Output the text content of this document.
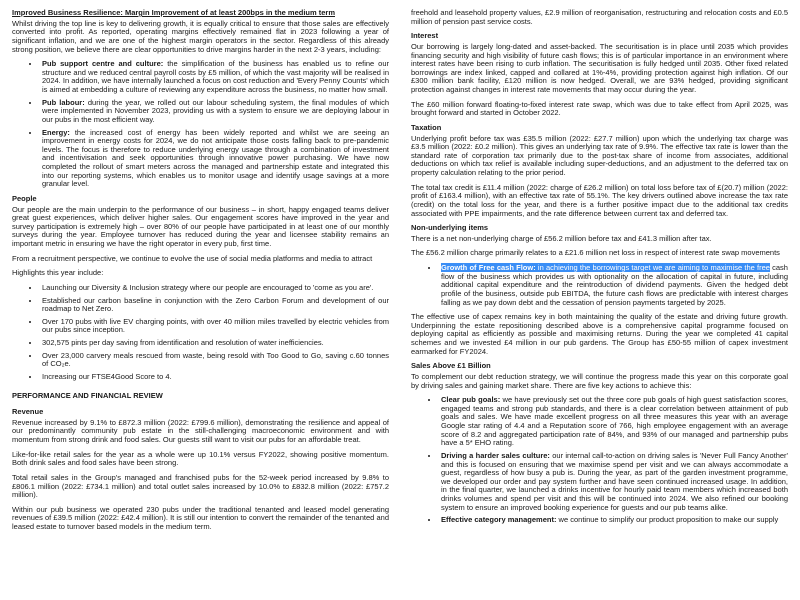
Improved Business Resilience: Margin Improvement of at least 200bps in the medium term
Whilst driving the top line is key to delivering growth, it is equally critical to ensure that those sales are effectively converted into profit. As reported, operating margins effectively remained flat in 2023 following a year of significant inflation, and we are one of the highest margin operators in the sector. Regardless of this already strong position, we believe there are clear opportunities to drive margins harder in the next 2-3 years, including:
• Pub support centre and culture: the simplification of the business has enabled us to refine our structure and we reduced central payroll costs by £5 million, of which the vast majority will be realised in 2024. In addition, we have internally launched a focus on cost reduction and 'Every Penny Counts' which is aimed at embedding a culture of reviewing any expenditure across the business, no matter how small.
• Pub labour: during the year, we rolled out our labour scheduling system, the final modules of which were implemented in November 2023, providing us with a system to ensure we are deploying labour in our pubs in the most efficient way.
• Energy: the increased cost of energy has been widely reported and whilst we are seeing an improvement in energy costs for 2024, we do not anticipate those costs falling back to pre-pandemic levels. The focus is therefore to reduce underlying energy usage through a combination of investment and incentivisation and seek opportunities through innovative power purchasing. We have now completed the rollout of smart meters across the managed and partnership estate and integrated this into our reporting systems, which enables us to monitor usage and identify usage savings at a more granular level.
People
Our people are the main underpin to the performance of our business – in short, happy engaged teams deliver great guest experiences, which deliver higher sales. Our engagement scores have improved in the year and survey participation is extremely high – over 80% of our people have participated in at least one of our monthly surveys during the year. Employee turnover has reduced during the year and licensee stability remains an important metric in ensuring we have the right operator in every pub, first time.
From a recruitment perspective, we continue to evolve the use of social media platforms and media to attract
Highlights this year include:
• Launching our Diversity & Inclusion strategy where our people are encouraged to 'come as you are'.
• Established our carbon baseline in conjunction with the Zero Carbon Forum and development of our roadmap to Net Zero.
• Over 170 pubs with live EV charging points, with over 40 million miles travelled by electric vehicles from our pubs since inception.
• 302,575 pints per day saving from identification and resolution of water inefficiencies.
• Over 23,000 carvery meals rescued from waste, being resold with Too Good to Go, saving c.60 tonnes of CO₂e.
• Increasing our FTSE4Good Score to 4.
PERFORMANCE AND FINANCIAL REVIEW
Revenue
Revenue increased by 9.1% to £872.3 million (2022: £799.6 million), demonstrating the resilience and appeal of our predominantly community pub estate in the still-challenging macroeconomic environment and with momentum from strong drink and food sales. Our guests still want to visit our pubs for an affordable treat.
Like-for-like retail sales for the year as a whole were up 10.1% versus FY2022, showing positive momentum. Both drink sales and food sales have been strong.
Total retail sales in the Group's managed and franchised pubs for the 52-week period increased by 9.8% to £806.1 million (2022: £734.1 million) and total outlet sales increased by 10.0% to £832.8 million (2022: £757.2 million).
Within our pub business we operated 230 pubs under the traditional tenanted and leased model generating revenues of £39.5 million (2022: £42.4 million). It is still our intention to convert the remainder of the tenanted and leased estate to turnover based models in the medium term.
freehold and leasehold property values, £2.9 million of reorganisation, restructuring and relocation costs and £0.5 million of pension past service costs.
Interest
Our borrowing is largely long-dated and asset-backed. The securitisation is in place until 2035 which provides financing security and high visibility of future cash flows; this is of particular importance in an environment where interest rates have been rising to curb inflation. The securitisation is fully hedged until 2035. Other fixed related borrowings are index linked, capped and collared at 1%-4%, providing protection against high inflation. Of our £300 million bank facility, £120 million is now hedged. Overall, we are 93% hedged, providing significant protection against changes in interest rate movements that may occur during the year.
The £60 million forward floating-to-fixed interest rate swap, which was due to take effect from April 2025, was brought forward and started in October 2022.
Taxation
Underlying profit before tax was £35.5 million (2022: £27.7 million) upon which the underlying tax charge was £3.5 million (2022: £0.2 million). This gives an underlying tax rate of 9.9%. The effective tax rate is lower than the standard rate of corporation tax primarily due to the post-tax share of income from associates, additional deductions on which tax relief is available including super-deductions, and an adjustment to the deferred tax on property calculation relating to the prior period.
The total tax credit is £11.4 million (2022: charge of £26.2 million) on total loss before tax of £(20.7) million (2022: profit of £163.4 million), with an effective tax rate of 55.1%. The key drivers outlined above increase the tax rate (credit) on the total loss for the year, and there is a further positive impact due to the additional tax credits associated with PPE impairments, and the rate difference between current tax and deferred tax.
Non-underlying items
There is a net non-underlying charge of £56.2 million before tax and £41.3 million after tax.
The £56.2 million charge primarily relates to a £21.6 million net loss in respect of interest rate swap movements
• Growth of Free cash Flow: in achieving the borrowings target we are aiming to maximise the free cash flow of the business which provides us with optionality on the allocation of capital in future, including additional capital expenditure and the reintroduction of dividend payments. Given the hedged debt profile of the business, outside pub EBITDA, the future cash flows are predictable with interest charges falling as we pay down debt and the cessation of pension payments targeted by 2025.
The effective use of capex remains key in both maintaining the quality of the estate and driving future growth. Underpinning the estate repositioning described above is a comprehensive capital programme focused on deploying capital as efficiently as possible and maximising returns. During the year we completed 41 capital schemes and we invested £4 million in our pub gardens. The Group has £50-55 million of capex investment earmarked for FY2024.
Sales Above £1 Billion
To complement our debt reduction strategy, we will continue the progress made this year on this corporate goal by driving sales and gaining market share. There are five key actions to achieve this:
• Clear pub goals: we have previously set out the three core pub goals of high guest satisfaction scores, engaged teams and strong pub standards, and there is a clear correlation between attainment of pub goals and sales. We have made excellent progress on all three measures this year with an average Google star rating of 4.4 and a Reputation score of 766, high employee engagement with an average score of 8.2 and aggregated participation rate of 84%, and 93% of our managed and partnership pubs have a 5* EHO rating.
• Driving a harder sales culture: our internal call-to-action on driving sales is 'Never Full Fancy Another' and this is focused on ensuring that we maximise spend per visit and we can always accommodate a guest, regardless of how busy a pub is. During the year, as part of the garden investment programme, we developed our order and pay system further and have seen continued increased usage. In addition, in the final quarter, we launched a drinks incentive for hourly paid team members which increased both drinks volumes and spend per visit and this will be continued into 2024. We also refined our booking system to ensure an improved booking experience for guests and our pub teams alike.
• Effective category management: we continue to simplify our product proposition to make our supply
